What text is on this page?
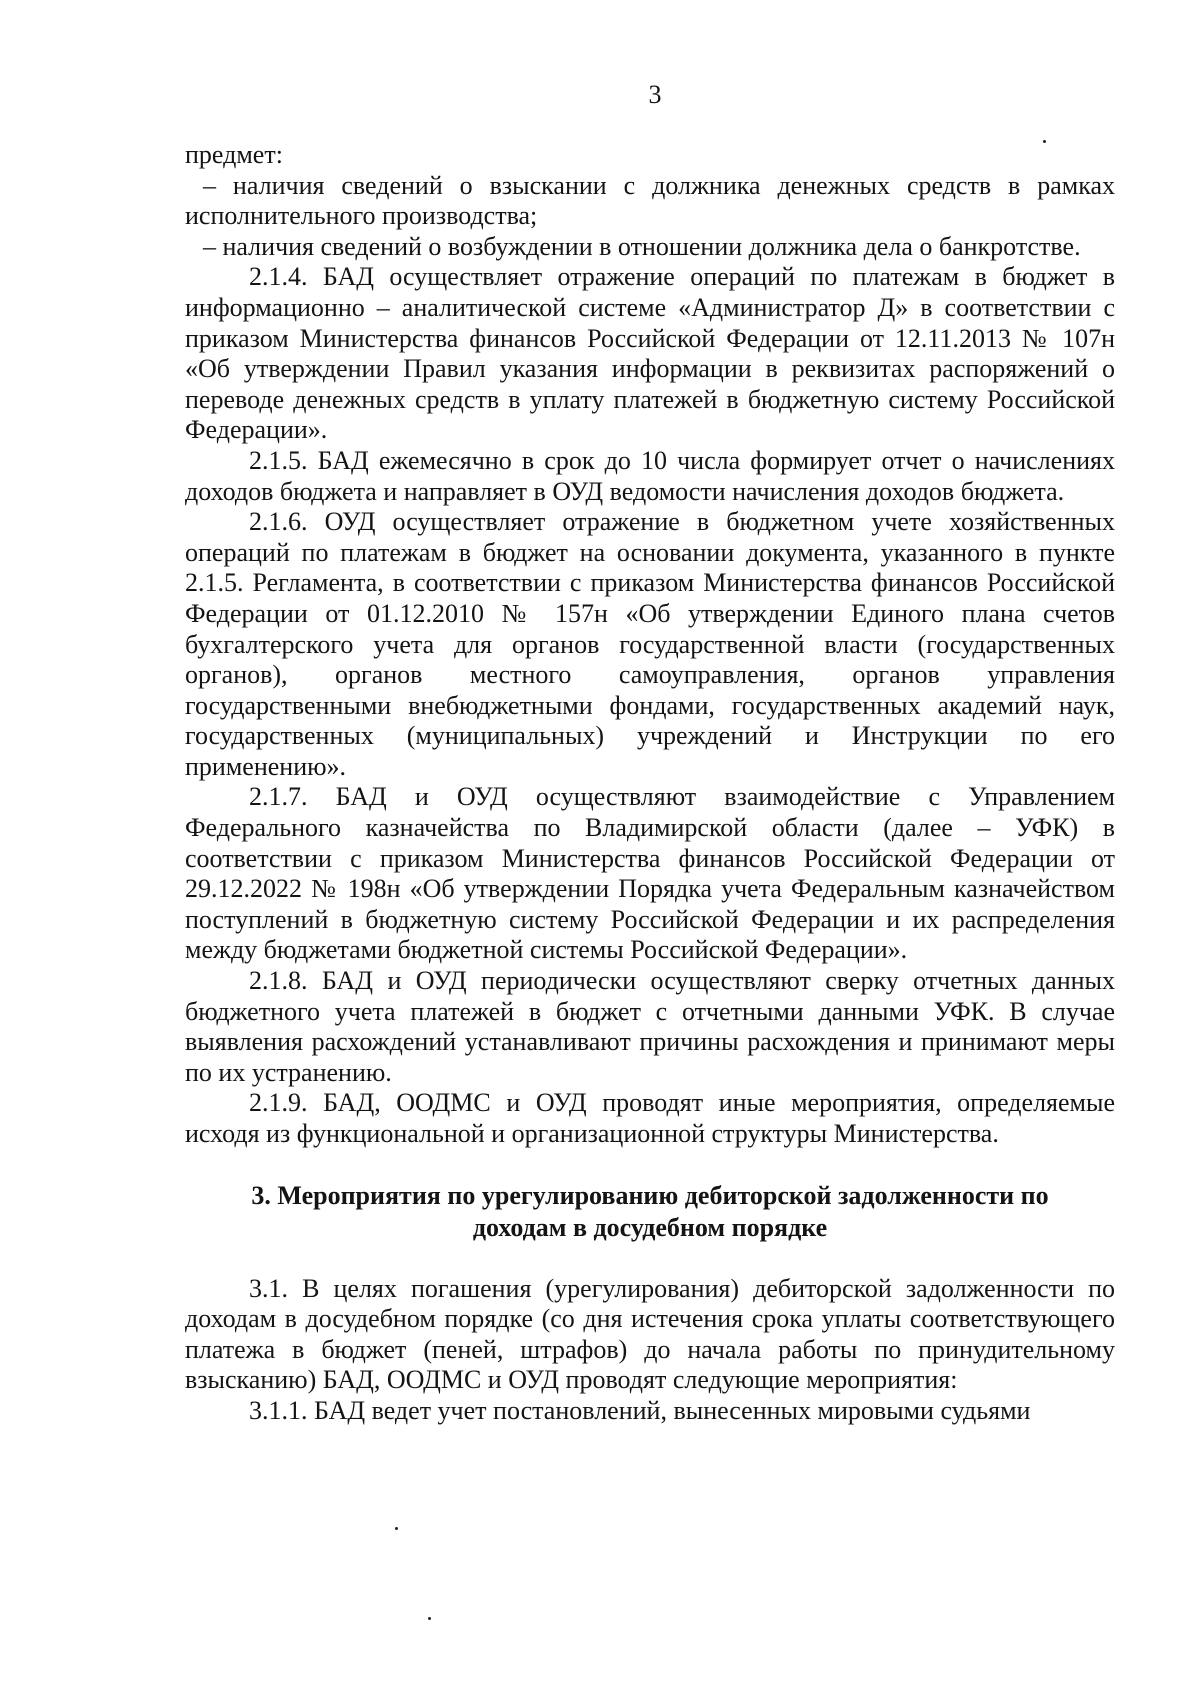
3

предмет:

– наличия сведений о взыскании с должника денежных средств в рамках исполнительного производства;

– наличия сведений о возбуждении в отношении должника дела о банкротстве.

2.1.4. БАД осуществляет отражение операций по платежам в бюджет в информационно – аналитической системе «Администратор Д» в соответствии с приказом Министерства финансов Российской Федерации от 12.11.2013 № 107н «Об утверждении Правил указания информации в реквизитах распоряжений о переводе денежных средств в уплату платежей в бюджетную систему Российской Федерации».

2.1.5. БАД ежемесячно в срок до 10 числа формирует отчет о начислениях доходов бюджета и направляет в ОУД ведомости начисления доходов бюджета.

2.1.6. ОУД осуществляет отражение в бюджетном учете хозяйственных операций по платежам в бюджет на основании документа, указанного в пункте 2.1.5. Регламента, в соответствии с приказом Министерства финансов Российской Федерации от 01.12.2010 № 157н «Об утверждении Единого плана счетов бухгалтерского учета для органов государственной власти (государственных органов), органов местного самоуправления, органов управления государственными внебюджетными фондами, государственных академий наук, государственных (муниципальных) учреждений и Инструкции по его применению».

2.1.7. БАД и ОУД осуществляют взаимодействие с Управлением Федерального казначейства по Владимирской области (далее – УФК) в соответствии с приказом Министерства финансов Российской Федерации от 29.12.2022 № 198н «Об утверждении Порядка учета Федеральным казначейством поступлений в бюджетную систему Российской Федерации и их распределения между бюджетами бюджетной системы Российской Федерации».

2.1.8. БАД и ОУД периодически осуществляют сверку отчетных данных бюджетного учета платежей в бюджет с отчетными данными УФК. В случае выявления расхождений устанавливают причины расхождения и принимают меры по их устранению.

2.1.9. БАД, ООДМС и ОУД проводят иные мероприятия, определяемые исходя из функциональной и организационной структуры Министерства.

3. Мероприятия по урегулированию дебиторской задолженности по
доходам в досудебном порядке

3.1. В целях погашения (урегулирования) дебиторской задолженности по доходам в досудебном порядке (со дня истечения срока уплаты соответствующего платежа в бюджет (пеней, штрафов) до начала работы по принудительному взысканию) БАД, ООДМС и ОУД проводят следующие мероприятия:

3.1.1. БАД ведет учет постановлений, вынесенных мировыми судьями
